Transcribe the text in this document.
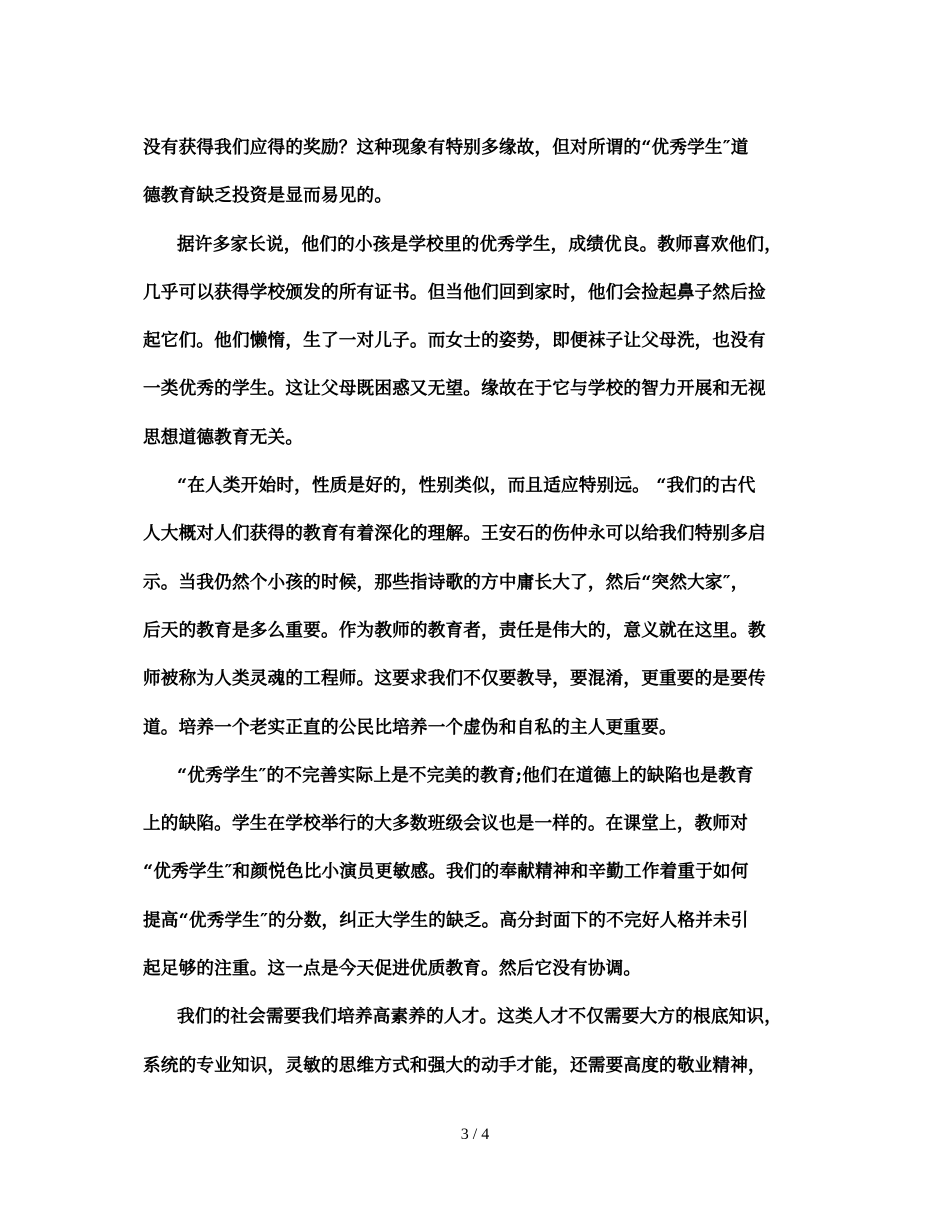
没有获得我们应得的奖励？这种现象有特别多缘故，但对所谓的“优秀学生″道
德教育缺乏投资是显而易见的。
据许多家长说，他们的小孩是学校里的优秀学生，成绩优良。教师喜欢他们，
几乎可以获得学校颁发的所有证书。但当他们回到家时，他们会捡起鼻子然后捡
起它们。他们懒惰，生了一对儿子。而女士的姿势，即便袜子让父母洗，也没有
一类优秀的学生。这让父母既困惑又无望。缘故在于它与学校的智力开展和无视
思想道德教育无关。
“在人类开始时，性质是好的，性别类似，而且适应特别远。 “我们的古代
人大概对人们获得的教育有着深化的理解。王安石的伤仲永可以给我们特别多启
示。当我仍然个小孩的时候，那些指诗歌的方中庸长大了，然后“突然大家″，
后天的教育是多么重要。作为教师的教育者，责任是伟大的，意义就在这里。教
师被称为人类灵魂的工程师。这要求我们不仅要教导，要混淆，更重要的是要传
道。培养一个老实正直的公民比培养一个虚伪和自私的主人更重要。
“优秀学生″的不完善实际上是不完美的教育;他们在道德上的缺陷也是教育
上的缺陷。学生在学校举行的大多数班级会议也是一样的。在课堂上，教师对
“优秀学生″和颜悦色比小演员更敏感。我们的奉献精神和辛勤工作着重于如何
提高“优秀学生″的分数，纠正大学生的缺乏。高分封面下的不完好人格并未引
起足够的注重。这一点是今天促进优质教育。然后它没有协调。
我们的社会需要我们培养高素养的人才。这类人才不仅需要大方的根底知识，
系统的专业知识，灵敏的思维方式和强大的动手才能，还需要高度的敬业精神，
3 / 4
